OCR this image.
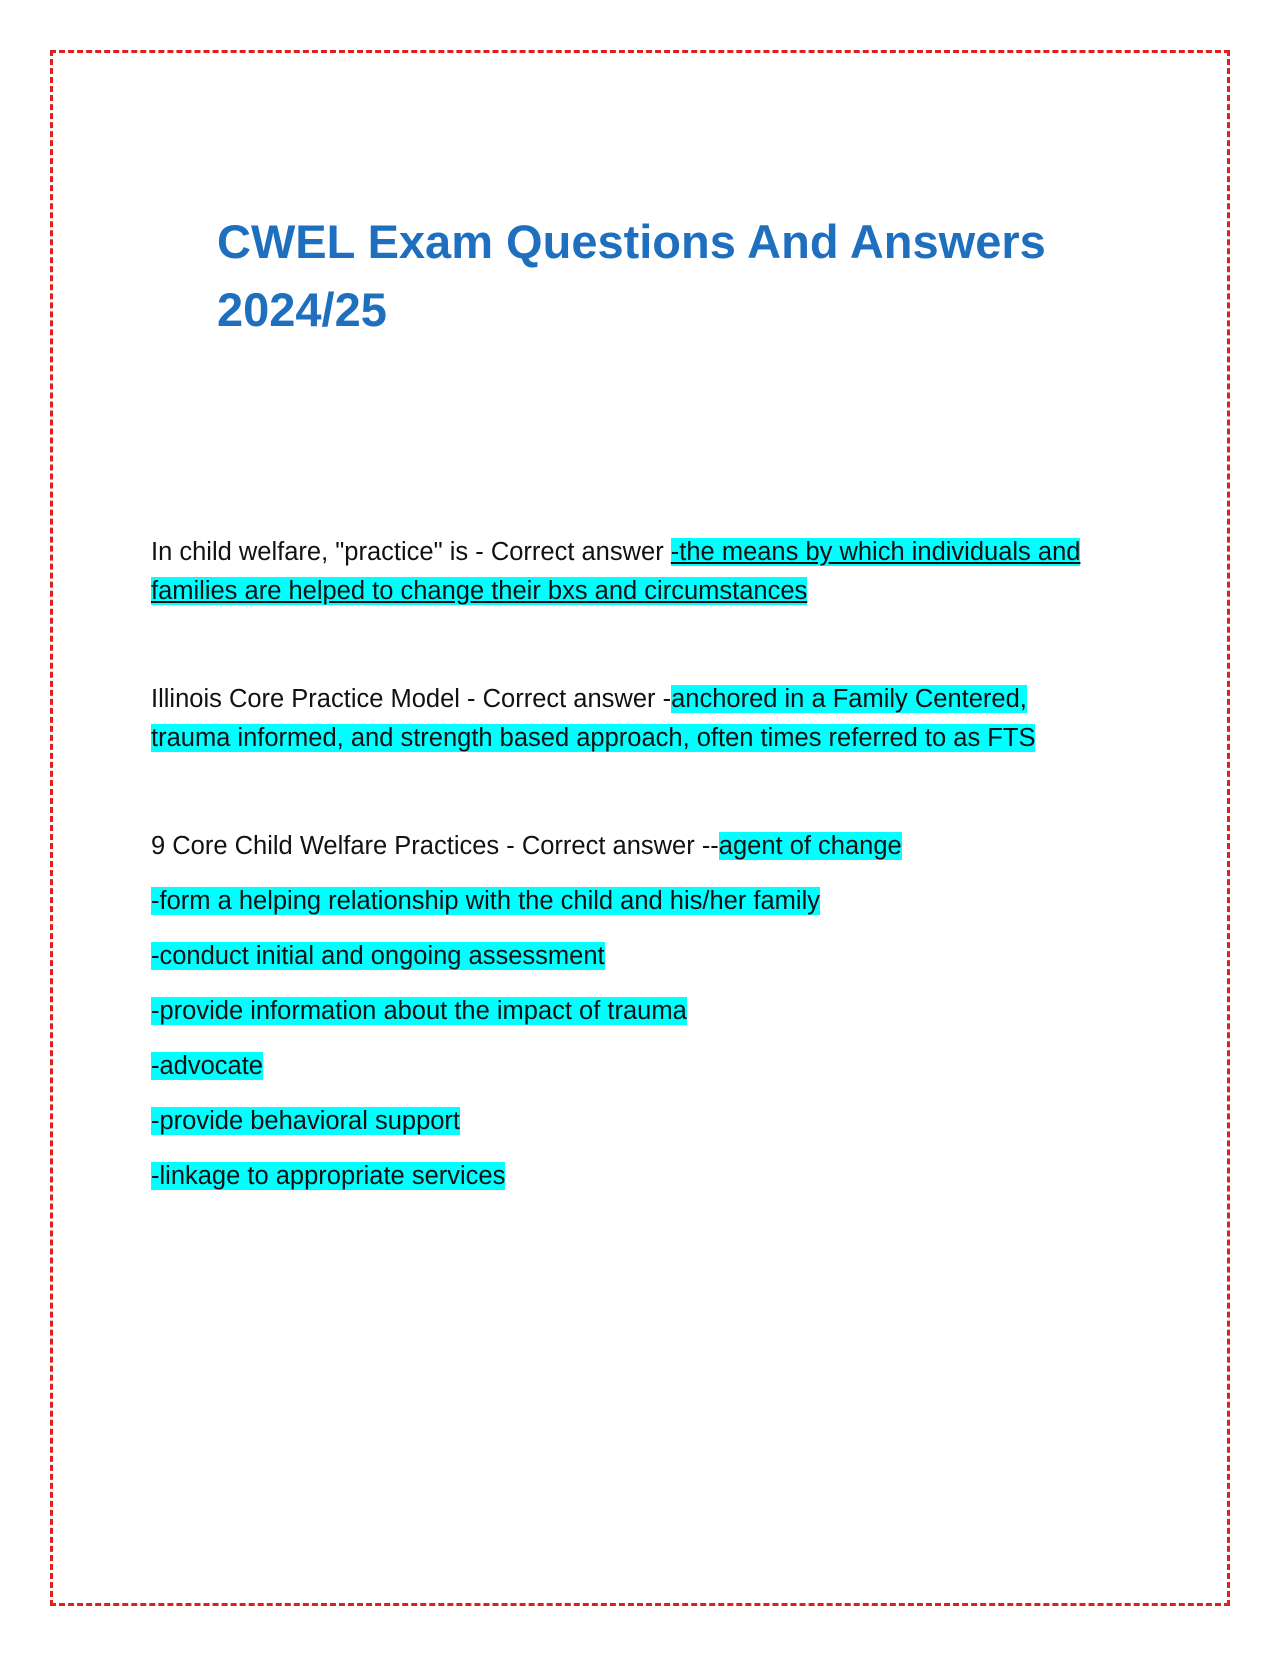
CWEL Exam Questions And Answers 2024/25

In child welfare, "practice" is - Correct answer -the means by which individuals and families are helped to change their bxs and circumstances

Illinois Core Practice Model - Correct answer -anchored in a Family Centered, trauma informed, and strength based approach, often times referred to as FTS

9 Core Child Welfare Practices - Correct answer --agent of change
-form a helping relationship with the child and his/her family
-conduct initial and ongoing assessment
-provide information about the impact of trauma
-advocate
-provide behavioral support
-linkage to appropriate services
